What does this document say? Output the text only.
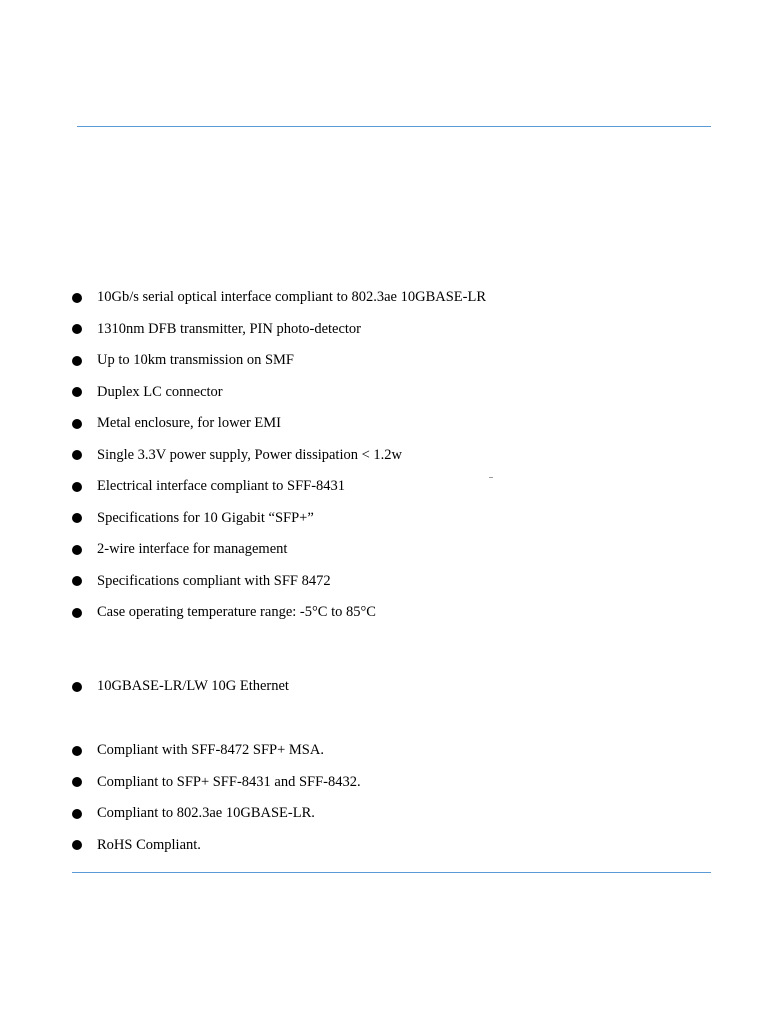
10Gb/s serial optical interface compliant to 802.3ae 10GBASE-LR
1310nm DFB transmitter, PIN photo-detector
Up to 10km transmission on SMF
Duplex LC connector
Metal enclosure, for lower EMI
Single 3.3V power supply, Power dissipation < 1.2w
Electrical interface compliant to SFF-8431
Specifications for 10 Gigabit “SFP+”
2-wire interface for management
Specifications compliant with SFF 8472
Case operating temperature range: -5°C to 85°C
10GBASE-LR/LW 10G Ethernet
Compliant with SFF-8472 SFP+ MSA.
Compliant to SFP+ SFF-8431 and SFF-8432.
Compliant to 802.3ae 10GBASE-LR.
RoHS Compliant.
